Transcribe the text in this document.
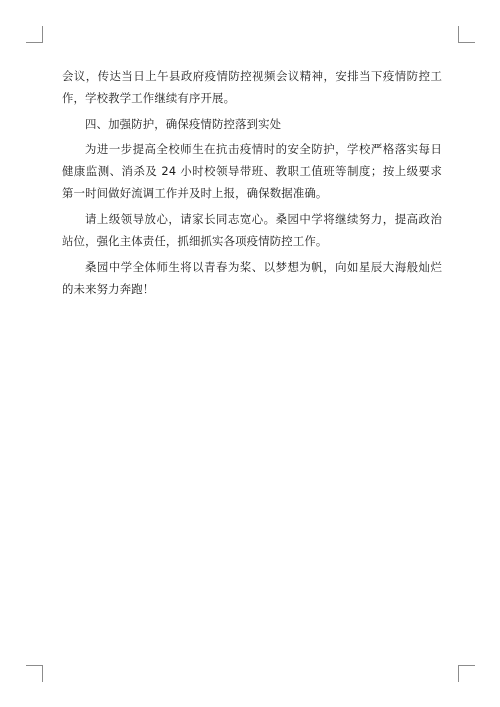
会议，传达当日上午县政府疫情防控视频会议精神，安排当下疫情防控工作，学校教学工作继续有序开展。

四、加强防护，确保疫情防控落到实处

为进一步提高全校师生在抗击疫情时的安全防护，学校严格落实每日健康监测、消杀及 24 小时校领导带班、教职工值班等制度；按上级要求第一时间做好流调工作并及时上报，确保数据准确。

请上级领导放心，请家长同志宽心。桑园中学将继续努力，提高政治站位，强化主体责任，抓细抓实各项疫情防控工作。

桑园中学全体师生将以青春为桨、以梦想为帆，向如星辰大海般灿烂的未来努力奔跑！
